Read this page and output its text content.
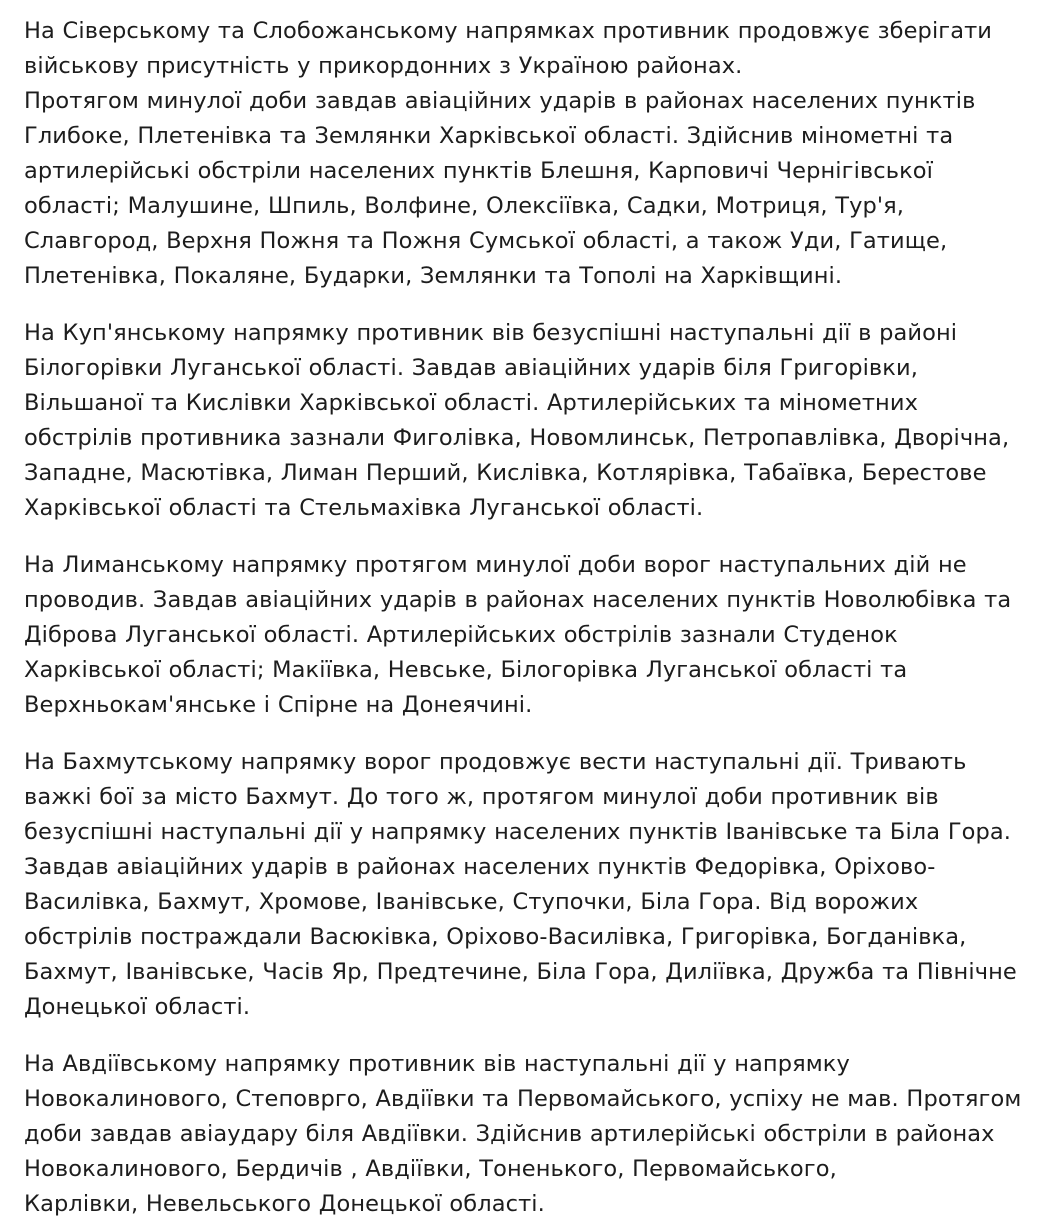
На Сіверському та Слобожанському напрямках противник продовжує зберігати військову присутність у прикордонних з Україною районах.

Протягом минулої доби завдав авіаційних ударів в районах населених пунктів Глибоке, Плетенівка та Землянки Харківської області. Здійснив мінометні та артилерійські обстріли населених пунктів Блешня, Карповичі Чернігівської області; Малушине, Шпиль, Волфине, Олексіївка, Садки, Мотриця, Тур'я, Славгород, Верхня Пожня та Пожня Сумської області, а також Уди, Гатище, Плетенівка, Покаляне, Бударки, Землянки та Тополі на Харківщині.

На Куп'янському напрямку противник вів безуспішні наступальні дії в районі Білогорівки Луганської області. Завдав авіаційних ударів біля Григорівки, Вільшаної та Кислівки Харківської області. Артилерійських та мінометних обстрілів противника зазнали Фиголівка, Новомлинськ, Петропавлівка, Дворічна, Западне, Масютівка, Лиман Перший, Кислівка, Котлярівка, Табаївка, Берестове Харківської області та Стельмахівка Луганської області.

На Лиманському напрямку протягом минулої доби ворог наступальних дій не проводив. Завдав авіаційних ударів в районах населених пунктів Новолюбівка та Діброва Луганської області. Артилерійських обстрілів зазнали Студенок Харківської області; Макіївка, Невське, Білогорівка Луганської області та Верхньокам'янське і Спірне на Донеячині.

На Бахмутському напрямку ворог продовжує вести наступальні дії. Тривають важкі бої за місто Бахмут. До того ж, протягом минулої доби противник вів безуспішні наступальні дії у напрямку населених пунктів Іванівське та Біла Гора. Завдав авіаційних ударів в районах населених пунктів Федорівка, Оріхово-Василівка, Бахмут, Хромове, Іванівське, Ступочки, Біла Гора. Від ворожих обстрілів постраждали Васюківка, Оріхово-Василівка, Григорівка, Богданівка, Бахмут, Іванівське, Часів Яр, Предтечине, Біла Гора, Диліївка, Дружба та Північне Донецької області.

На Авдіївському напрямку противник вів наступальні дії у напрямку Новокалинового, Степоврго, Авдіївки та Первомайського, успіху не мав. Протягом доби завдав авіаудару біля Авдіївки. Здійснив артилерійські обстріли в районах Новокалинового, Бердичів , Авдіївки, Тоненького, Первомайського,

Карлівки, Невельського Донецької області.
